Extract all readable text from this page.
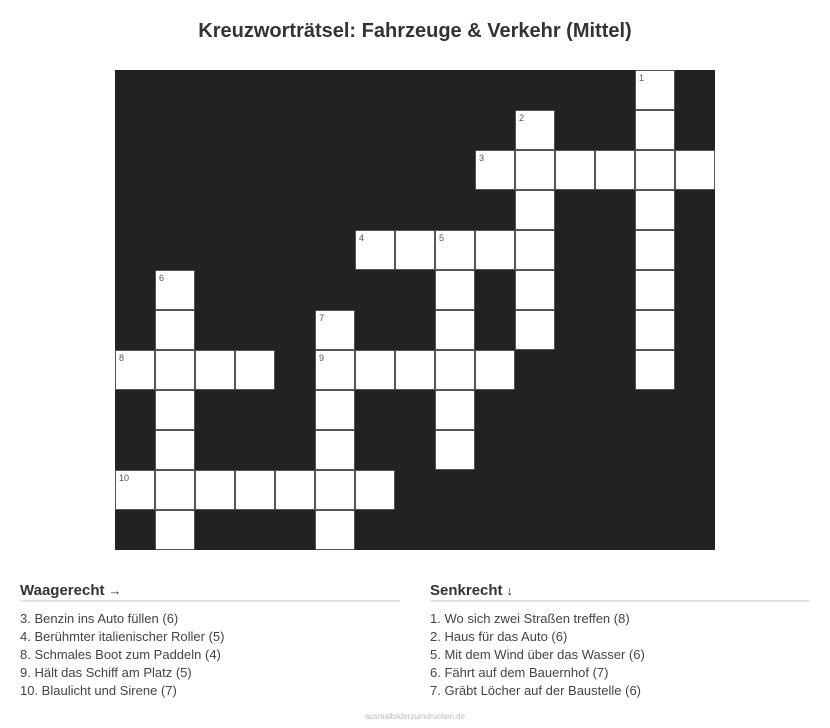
Kreuzworträtsel: Fahrzeuge & Verkehr (Mittel)
1
2
3
4	5
6
7
8	9
10
Waagerecht →
3. Benzin ins Auto füllen (6)
4. Berühmter italienischer Roller (5)
8. Schmales Boot zum Paddeln (4)
9. Hält das Schiff am Platz (5)
10. Blaulicht und Sirene (7)
Senkrecht ↓
1. Wo sich zwei Straßen treffen (8)
2. Haus für das Auto (6)
5. Mit dem Wind über das Wasser (6)
6. Fährt auf dem Bauernhof (7)
7. Gräbt Löcher auf der Baustelle (6)
ausmalbilderzumdrucken.de
